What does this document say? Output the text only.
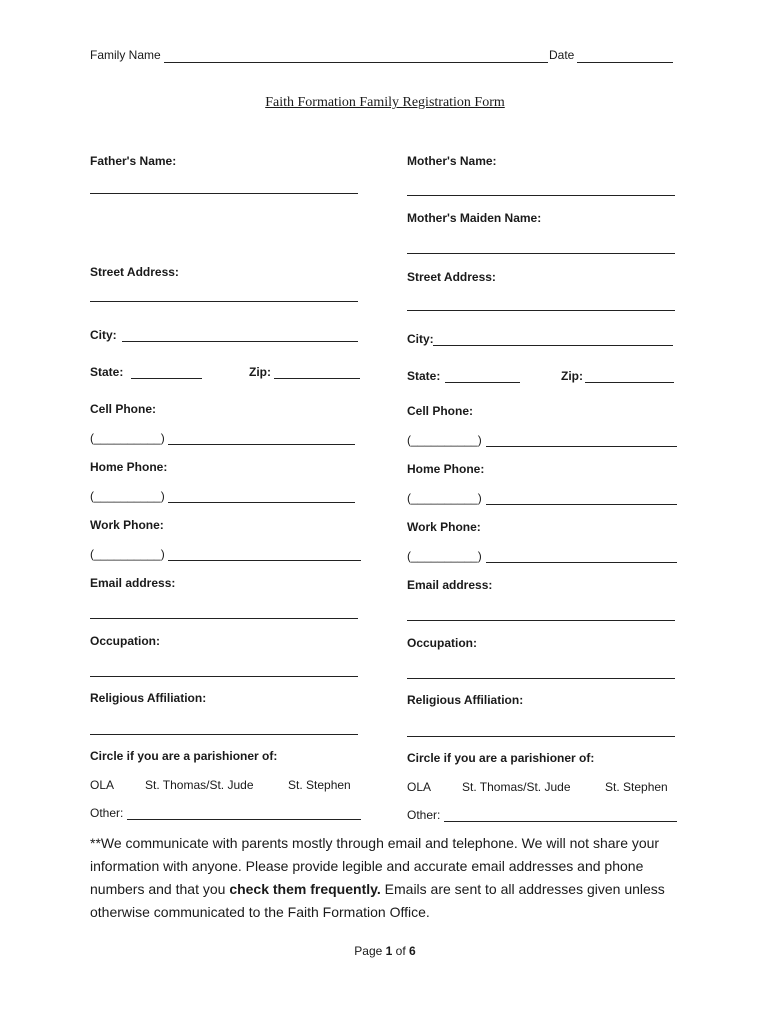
Family Name	Date
Faith Formation Family Registration Form
Father's Name:
Street Address:
City:
State:	Zip:
Cell Phone:
(__________)
Home Phone:
(__________)
Work Phone:
(__________)
Email address:
Occupation:
Religious Affiliation:
Circle if you are a parishioner of:
OLA	St. Thomas/St. Jude	St. Stephen
Other:
Mother's Name:
Mother's Maiden Name:
Street Address:
City:
State:	Zip:
Cell Phone:
(__________)
Home Phone:
(__________)
Work Phone:
(__________)
Email address:
Occupation:
Religious Affiliation:
Circle if you are a parishioner of:
OLA	St. Thomas/St. Jude	St. Stephen
Other:
**We communicate with parents mostly through email and telephone. We will not share your information with anyone. Please provide legible and accurate email addresses and phone numbers and that you check them frequently. Emails are sent to all addresses given unless otherwise communicated to the Faith Formation Office.
Page 1 of 6
